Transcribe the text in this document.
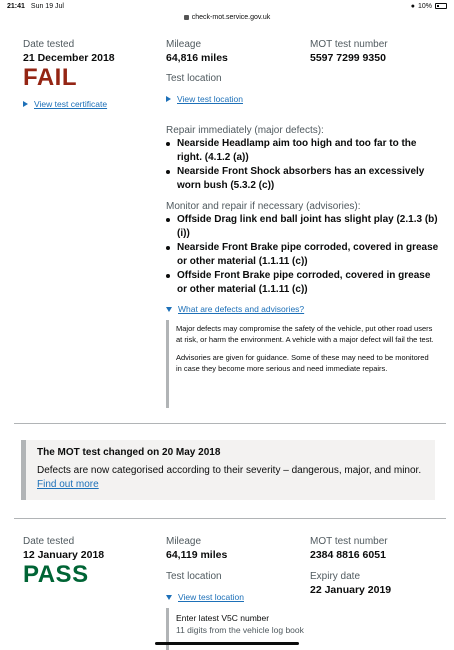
21:41 Sun 19 Jul	● 10%
check-mot.service.gov.uk
Date tested
21 December 2018
FAIL
View test certificate
Mileage
64,816 miles
Test location
View test location
MOT test number
5597 7299 9350
Repair immediately (major defects):
Nearside Headlamp aim too high and too far to the right. (4.1.2 (a))
Nearside Front Shock absorbers has an excessively worn bush (5.3.2 (c))
Monitor and repair if necessary (advisories):
Offside Drag link end ball joint has slight play (2.1.3 (b) (i))
Nearside Front Brake pipe corroded, covered in grease or other material (1.1.11 (c))
Offside Front Brake pipe corroded, covered in grease or other material (1.1.11 (c))
What are defects and advisories?

Major defects may compromise the safety of the vehicle, put other road users at risk, or harm the environment. A vehicle with a major defect will fail the test.

Advisories are given for guidance. Some of these may need to be monitored in case they become more serious and need immediate repairs.

The MOT test changed on 20 May 2018
Defects are now categorised according to their severity – dangerous, major, and minor. Find out more
Date tested
12 January 2018
PASS
Mileage
64,119 miles
Test location
View test location

Enter latest V5C number

11 digits from the vehicle log book

MOT test number
2384 8816 6051
Expiry date
22 January 2019
